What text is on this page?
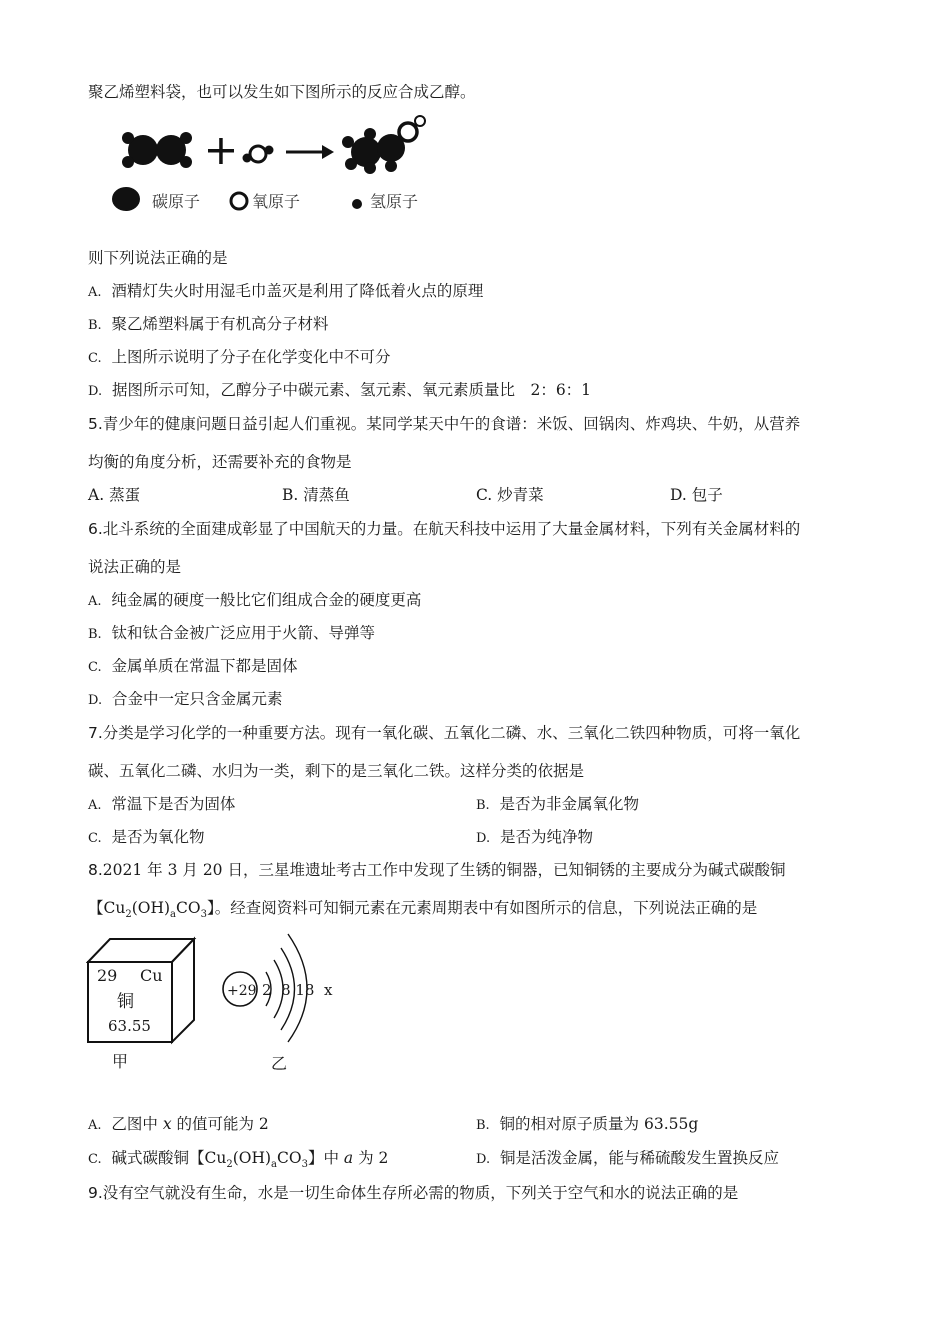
聚乙烯塑料袋，也可以发生如下图所示的反应合成乙醇。
碳原子	氧原子	氢原子
则下列说法正确的是
A. 酒精灯失火时用湿毛巾盖灭是利用了降低着火点的原理
B. 聚乙烯塑料属于有机高分子材料
C. 上图所示说明了分子在化学变化中不可分
D. 据图所示可知，乙醇分子中碳元素、氢元素、氧元素质量比　2：6：1
5.青少年的健康问题日益引起人们重视。某同学某天中午的食谱：米饭、回锅肉、炸鸡块、牛奶，从营养
均衡的角度分析，还需要补充的食物是
A. 蒸蛋	B. 清蒸鱼	C. 炒青菜	D. 包子
6.北斗系统的全面建成彰显了中国航天的力量。在航天科技中运用了大量金属材料，下列有关金属材料的
说法正确的是
A. 纯金属的硬度一般比它们组成合金的硬度更高
B. 钛和钛合金被广泛应用于火箭、导弹等
C. 金属单质在常温下都是固体
D. 合金中一定只含金属元素
7.分类是学习化学的一种重要方法。现有一氧化碳、五氧化二磷、水、三氧化二铁四种物质，可将一氧化
碳、五氧化二磷、水归为一类，剩下的是三氧化二铁。这样分类的依据是
A. 常温下是否为固体	B. 是否为非金属氧化物
C. 是否为氧化物	D. 是否为纯净物
8.2021 年 3 月 20 日，三星堆遗址考古工作中发现了生锈的铜器，已知铜锈的主要成分为碱式碳酸铜
【$Cu_2(OH)_aCO_3$】。经查阅资料可知铜元素在元素周期表中有如图所示的信息，下列说法正确的是
29 Cu
铜
63.55
甲
+29 2  8 18  x
乙
A. 乙图中 x 的值可能为 2	B. 铜的相对原子质量为 63.55g
C. 碱式碳酸铜【$Cu_2(OH)_aCO_3$】中 a 为 2	D. 铜是活泼金属，能与稀硫酸发生置换反应
9.没有空气就没有生命，水是一切生命体生存所必需的物质，下列关于空气和水的说法正确的是
